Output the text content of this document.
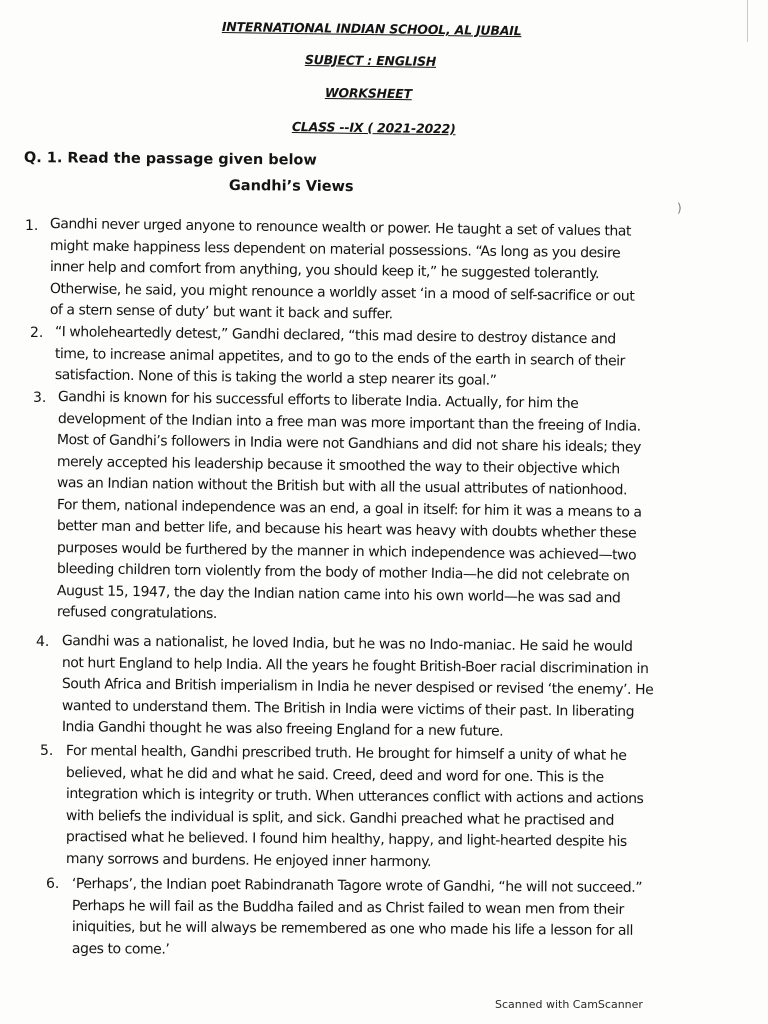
INTERNATIONAL INDIAN SCHOOL, AL JUBAIL
SUBJECT : ENGLISH
WORKSHEET
CLASS --IX ( 2021-2022)
Q. 1. Read the passage given below
Gandhi’s Views
)
1. Gandhi never urged anyone to renounce wealth or power. He taught a set of values that
might make happiness less dependent on material possessions. “As long as you desire
inner help and comfort from anything, you should keep it,” he suggested tolerantly.
Otherwise, he said, you might renounce a worldly asset ‘in a mood of self-sacrifice or out
of a stern sense of duty’ but want it back and suffer.
2. “I wholeheartedly detest,” Gandhi declared, “this mad desire to destroy distance and
time, to increase animal appetites, and to go to the ends of the earth in search of their
satisfaction. None of this is taking the world a step nearer its goal.”
3. Gandhi is known for his successful efforts to liberate India. Actually, for him the
development of the Indian into a free man was more important than the freeing of India.
Most of Gandhi’s followers in India were not Gandhians and did not share his ideals; they
merely accepted his leadership because it smoothed the way to their objective which
was an Indian nation without the British but with all the usual attributes of nationhood.
For them, national independence was an end, a goal in itself: for him it was a means to a
better man and better life, and because his heart was heavy with doubts whether these
purposes would be furthered by the manner in which independence was achieved—two
bleeding children torn violently from the body of mother India—he did not celebrate on
August 15, 1947, the day the Indian nation came into his own world—he was sad and
refused congratulations.
4. Gandhi was a nationalist, he loved India, but he was no Indo-maniac. He said he would
not hurt England to help India. All the years he fought British-Boer racial discrimination in
South Africa and British imperialism in India he never despised or revised ‘the enemy’. He
wanted to understand them. The British in India were victims of their past. In liberating
India Gandhi thought he was also freeing England for a new future.
5. For mental health, Gandhi prescribed truth. He brought for himself a unity of what he
believed, what he did and what he said. Creed, deed and word for one. This is the
integration which is integrity or truth. When utterances conflict with actions and actions
with beliefs the individual is split, and sick. Gandhi preached what he practised and
practised what he believed. I found him healthy, happy, and light-hearted despite his
many sorrows and burdens. He enjoyed inner harmony.
6. ‘Perhaps’, the Indian poet Rabindranath Tagore wrote of Gandhi, “he will not succeed.”
Perhaps he will fail as the Buddha failed and as Christ failed to wean men from their
iniquities, but he will always be remembered as one who made his life a lesson for all
ages to come.’
Scanned with CamScanner
